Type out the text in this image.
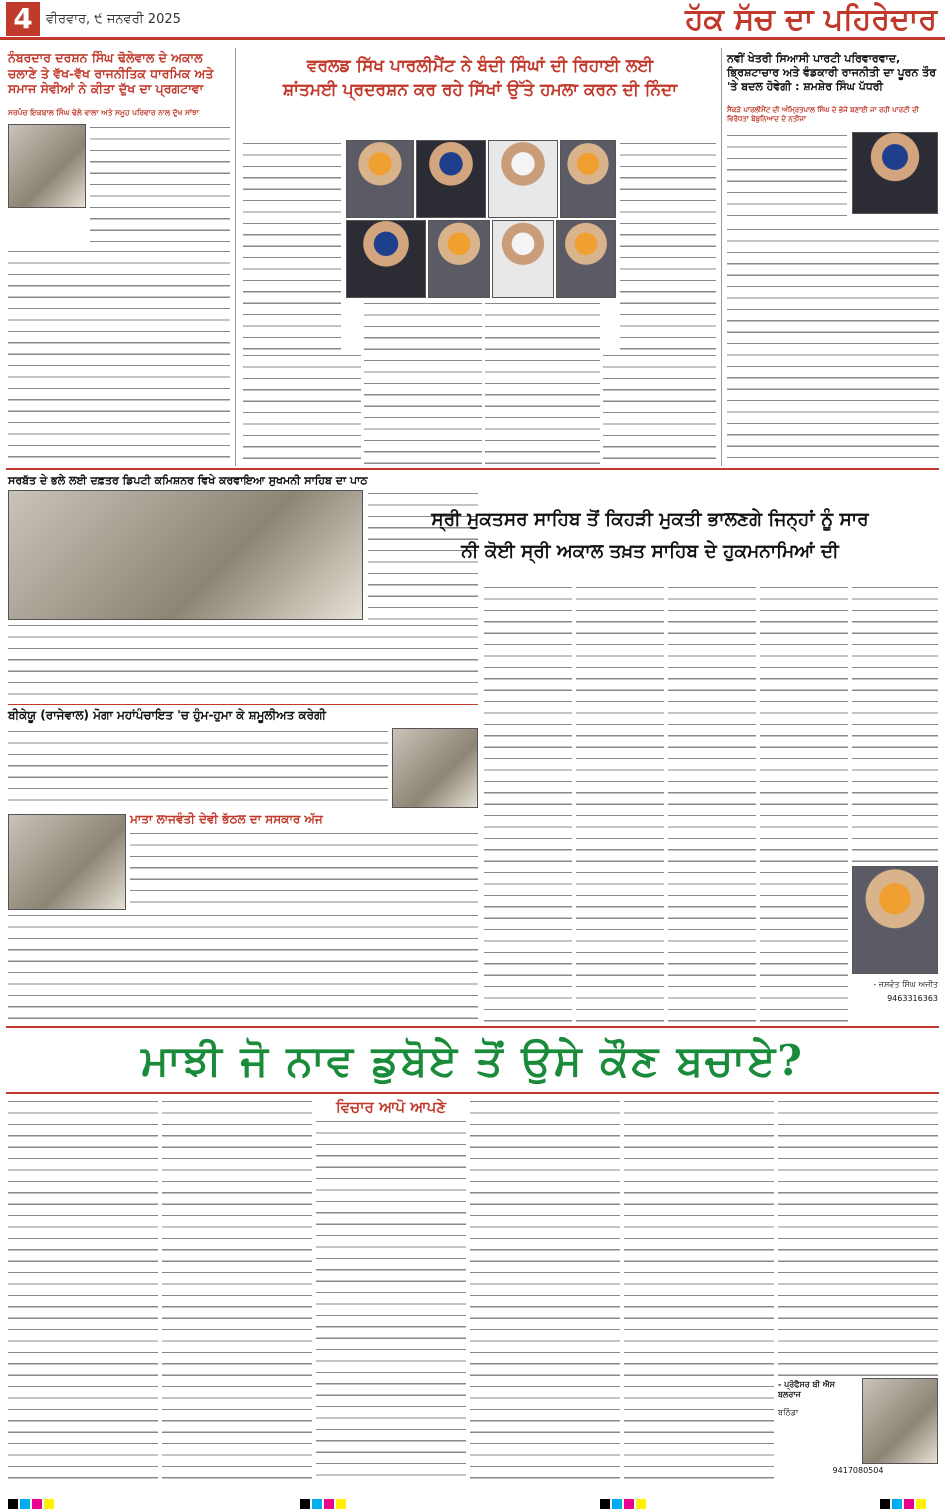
4	ਵੀਰਵਾਰ, ੯ ਜਨਵਰੀ 2025	ਹੱਕ ਸੱਚ ਦਾ ਪਹਿਰੇਦਾਰ
ਨੰਬਰਦਾਰ ਦਰਸ਼ਨ ਸਿੰਘ ਢੋਲੇਵਾਲ ਦੇ ਅਕਾਲ ਚਲਾਣੇ ਤੇ ਵੱਖ-ਵੱਖ ਰਾਜਨੀਤਿਕ ਧਾਰਮਿਕ ਅਤੇ ਸਮਾਜ ਸੇਵੀਆਂ ਨੇ ਕੀਤਾ ਦੁੱਖ ਦਾ ਪ੍ਰਗਟਾਵਾ
ਸਰਪੰਚ ਇਕਬਾਲ ਸਿੰਘ ਢੋਲੇ ਵਾਲਾ ਅਤੇ ਸਮੂਹ ਪਰਿਵਾਰ ਨਾਲ ਦੁੱਖ ਸਾਂਝਾ
ਵਰਲਡ ਸਿੱਖ ਪਾਰਲੀਮੈਂਟ ਨੇ ਬੰਦੀ ਸਿੰਘਾਂ ਦੀ ਰਿਹਾਈ ਲਈ
ਸ਼ਾਂਤਮਈ ਪ੍ਰਦਰਸ਼ਨ ਕਰ ਰਹੇ ਸਿੱਖਾਂ ਉੱਤੇ ਹਮਲਾ ਕਰਨ ਦੀ ਨਿੰਦਾ
ਨਵੀਂ ਖੇਤਰੀ ਸਿਆਸੀ ਪਾਰਟੀ ਪਰਿਵਾਰਵਾਦ, ਭ੍ਰਿਸ਼ਟਾਚਾਰ ਅਤੇ ਵੰਡਕਾਰੀ ਰਾਜਨੀਤੀ ਦਾ ਪੂਰਨ ਤੌਰ 'ਤੇ ਬਦਲ ਹੋਵੇਗੀ : ਸ਼ਮਸ਼ੇਰ ਸਿੰਘ ਪੱਧਰੀ
ਸੈਂਕੜੇ ਪਾਰਲੀਮੈਂਟ ਦੀ ਅੰਮ੍ਰਿਤਪਾਲ ਸਿੰਘ ਦੇ ਭੇਜੇ ਬਣਾਈ ਜਾ ਰਹੀ ਪਾਰਟੀ ਦੀ ਵਿਰੋਧਤਾ ਬੇਬੁਨਿਆਦ ਦੇ ਨਤੀਜਾ
ਸਰਬੱਤ ਦੇ ਭਲੇ ਲਈ ਦਫ਼ਤਰ ਡਿਪਟੀ ਕਮਿਸ਼ਨਰ ਵਿਖੇ ਕਰਵਾਇਆ ਸੁਖਮਨੀ ਸਾਹਿਬ ਦਾ ਪਾਠ
ਸ੍ਰੀ ਮੁਕਤਸਰ ਸਾਹਿਬ ਤੋਂ ਕਿਹੜੀ ਮੁਕਤੀ ਭਾਲਣਗੇ ਜਿਨ੍ਹਾਂ ਨੂੰ ਸਾਰ
ਨੀ ਕੋਈ ਸ੍ਰੀ ਅਕਾਲ ਤਖ਼ਤ ਸਾਹਿਬ ਦੇ ਹੁਕਮਨਾਮਿਆਂ ਦੀ
- ਜਸਵੰਤ ਸਿੰਘ ਅਜੀਤ
9463316363
ਬੀਕੇਯੂ (ਰਾਜੇਵਾਲ) ਮੋਗਾ ਮਹਾਂਪੰਚਾਇਤ 'ਚ ਹੁੰਮ-ਹੁਮਾ ਕੇ ਸ਼ਮੂਲੀਅਤ ਕਰੇਗੀ
ਮਾਤਾ ਲਾਜਵੰਤੀ ਦੇਵੀ ਭੱਠਲ ਦਾ ਸਸਕਾਰ ਅੱਜ
ਮਾਝੀ ਜੋ ਨਾਵ ਡੁਬੋਏ ਤੋਂ ਉਸੇ ਕੌਣ ਬਚਾਏ?
ਵਿਚਾਰ ਆਪੋ ਆਪਣੇ
- ਪ੍ਰੋਫੈਸਰ ਬੀ ਐਸ ਬਲਰਾਜ
ਬਠਿੰਡਾ
9417080504
